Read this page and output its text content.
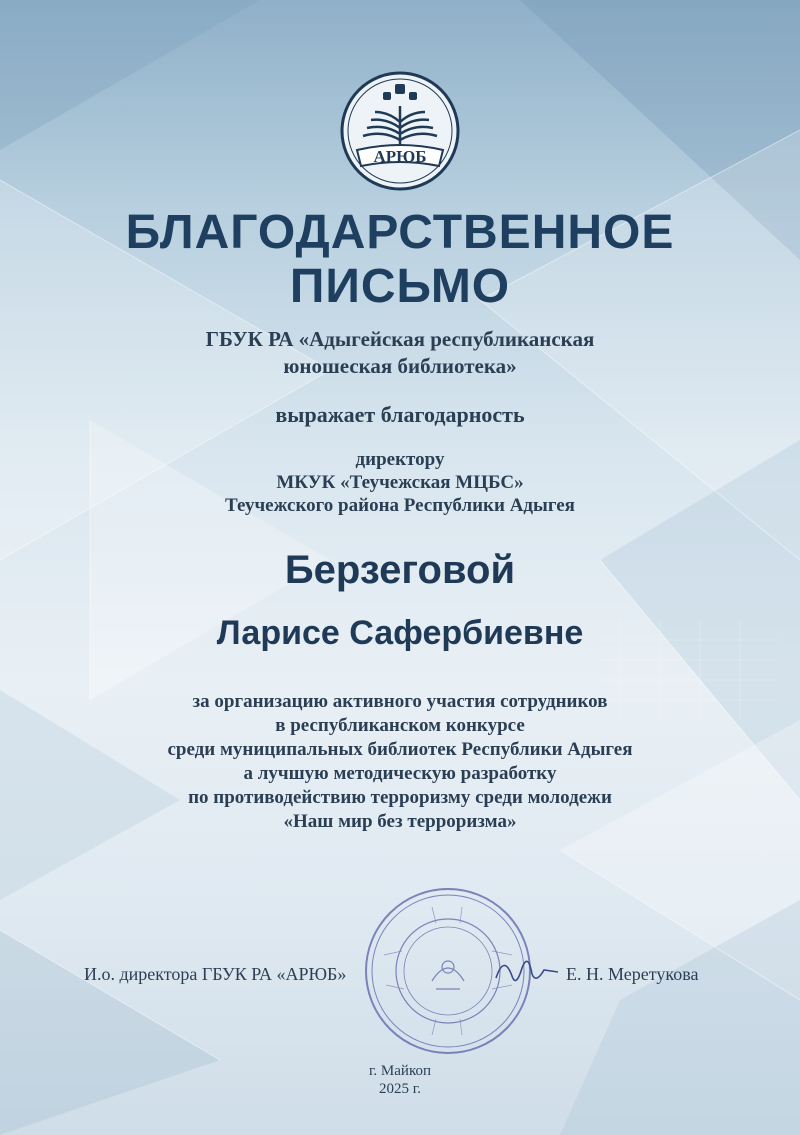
АРЮБ
БЛАГОДАРСТВЕННОЕ
ПИСЬМО
ГБУК РА «Адыгейская республиканская
юношеская библиотека»
выражает благодарность
директору
МКУК «Теучежская МЦБС»
Теучежского района Республики Адыгея
Берзеговой
Ларисе Сафербиевне
за организацию активного участия сотрудников
в республиканском конкурсе
среди муниципальных библиотек Республики Адыгея
а лучшую методическую разработку
по противодействию терроризму среди молодежи
«Наш мир без терроризма»
И.о. директора ГБУК РА «АРЮБ»	Е. Н. Меретукова
г. Майкоп
2025 г.
